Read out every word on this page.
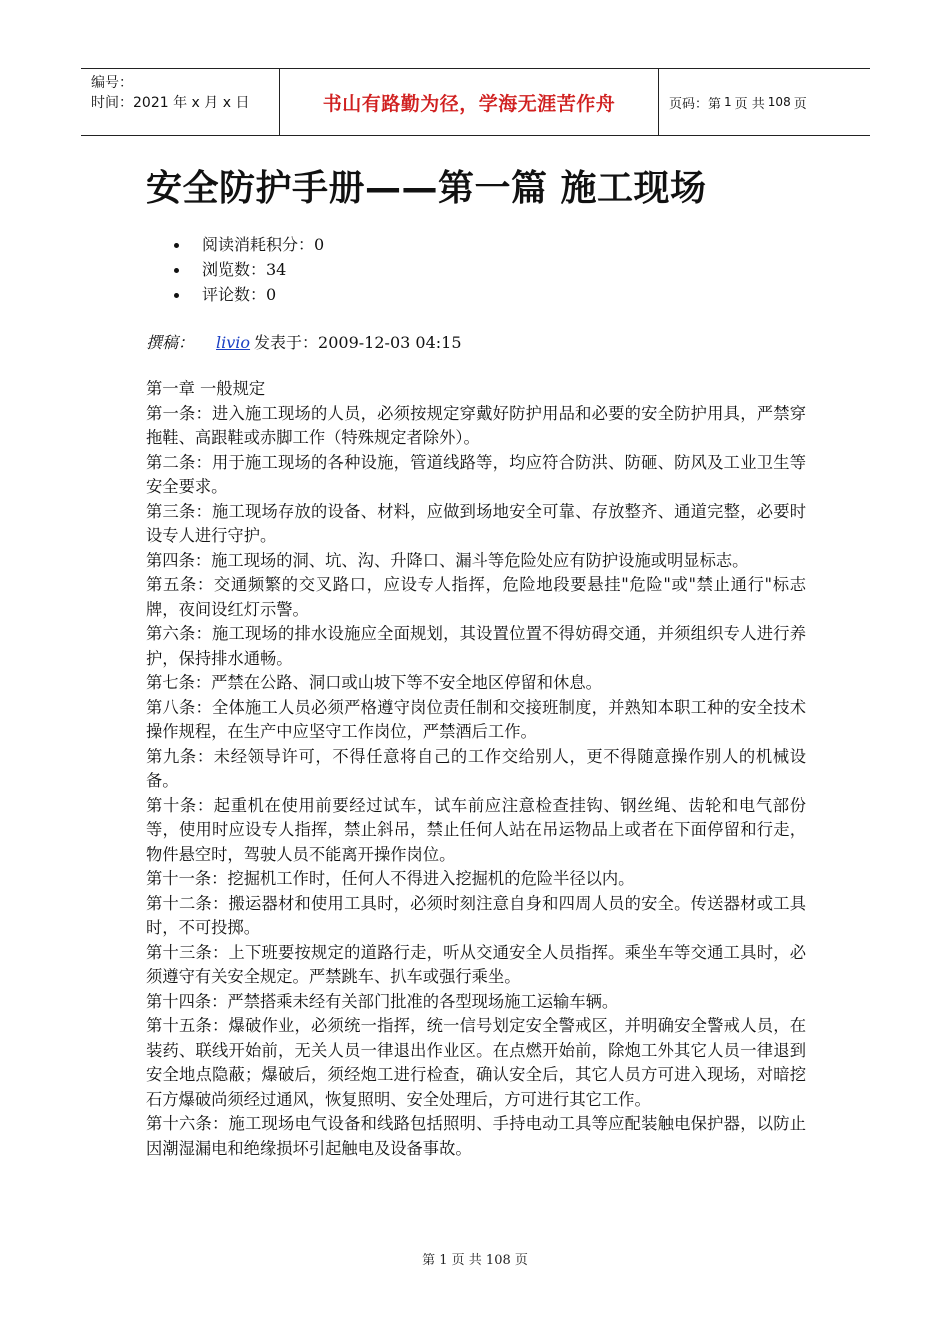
编号：
时间：2021 年 x 月 x 日	书山有路勤为径，学海无涯苦作舟	页码：第 1 页 共 108 页
安全防护手册——第一篇 施工现场
阅读消耗积分：0
浏览数：34
评论数：0
撰稿： livio 发表于：2009-12-03 04:15

第一章 一般规定

第一条：进入施工现场的人员，必须按规定穿戴好防护用品和必要的安全防护用具，严禁穿拖鞋、高跟鞋或赤脚工作（特殊规定者除外）。

第二条：用于施工现场的各种设施，管道线路等，均应符合防洪、防砸、防风及工业卫生等安全要求。

第三条：施工现场存放的设备、材料，应做到场地安全可靠、存放整齐、通道完整，必要时设专人进行守护。

第四条：施工现场的洞、坑、沟、升降口、漏斗等危险处应有防护设施或明显标志。

第五条：交通频繁的交叉路口，应设专人指挥，危险地段要悬挂"危险"或"禁止通行"标志牌，夜间设红灯示警。

第六条：施工现场的排水设施应全面规划，其设置位置不得妨碍交通，并须组织专人进行养护，保持排水通畅。

第七条：严禁在公路、洞口或山坡下等不安全地区停留和休息。

第八条：全体施工人员必须严格遵守岗位责任制和交接班制度，并熟知本职工种的安全技术操作规程，在生产中应坚守工作岗位，严禁酒后工作。

第九条：未经领导许可，不得任意将自己的工作交给别人，更不得随意操作别人的机械设备。

第十条：起重机在使用前要经过试车，试车前应注意检查挂钩、钢丝绳、齿轮和电气部份等，使用时应设专人指挥，禁止斜吊，禁止任何人站在吊运物品上或者在下面停留和行走，物件悬空时，驾驶人员不能离开操作岗位。

第十一条：挖掘机工作时，任何人不得进入挖掘机的危险半径以内。

第十二条：搬运器材和使用工具时，必须时刻注意自身和四周人员的安全。传送器材或工具时，不可投掷。

第十三条：上下班要按规定的道路行走，听从交通安全人员指挥。乘坐车等交通工具时，必须遵守有关安全规定。严禁跳车、扒车或强行乘坐。

第十四条：严禁搭乘未经有关部门批准的各型现场施工运输车辆。

第十五条：爆破作业，必须统一指挥，统一信号划定安全警戒区，并明确安全警戒人员，在装药、联线开始前，无关人员一律退出作业区。在点燃开始前，除炮工外其它人员一律退到安全地点隐蔽；爆破后，须经炮工进行检查，确认安全后，其它人员方可进入现场，对暗挖石方爆破尚须经过通风，恢复照明、安全处理后，方可进行其它工作。

第十六条：施工现场电气设备和线路包括照明、手持电动工具等应配装触电保护器，以防止因潮湿漏电和绝缘损坏引起触电及设备事故。

第 1 页 共 108 页
